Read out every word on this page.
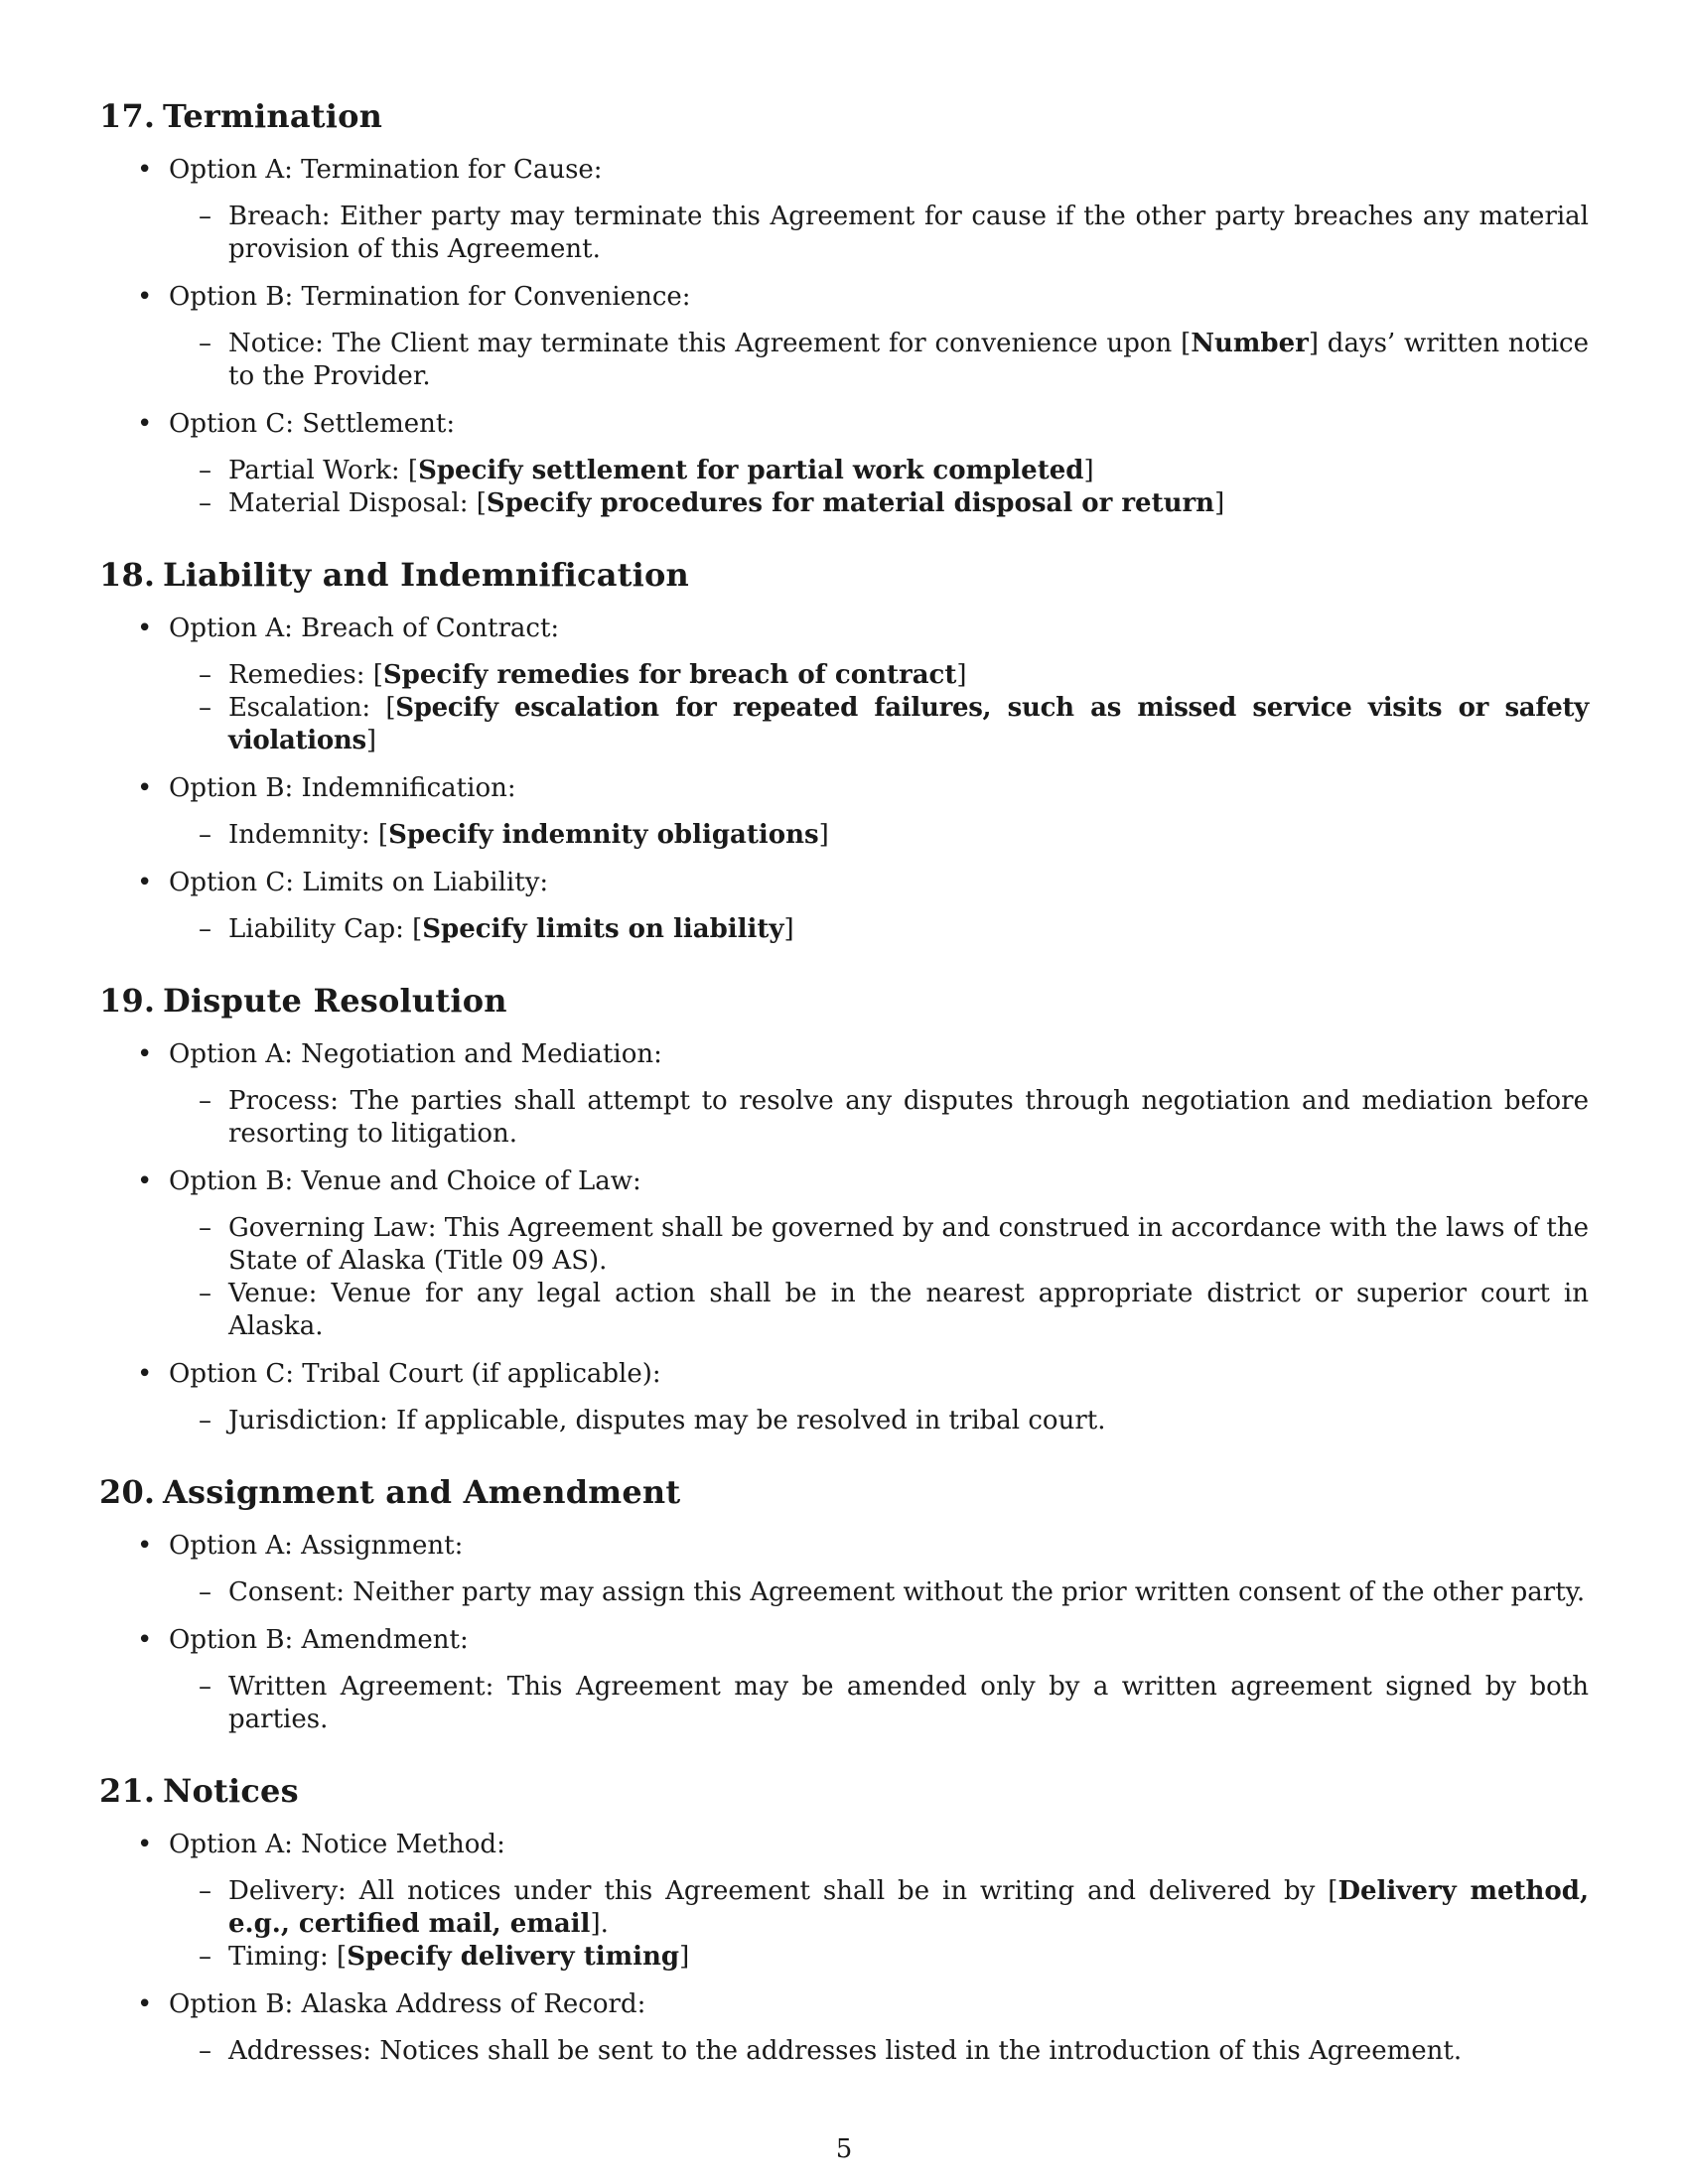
17. Termination
• Option A: Termination for Cause:

– Breach: Either party may terminate this Agreement for cause if the other party breaches any material provision of this Agreement.
• Option B: Termination for Convenience:

– Notice: The Client may terminate this Agreement for convenience upon [Number] days’ written notice to the Provider.
• Option C: Settlement:

– Partial Work: [Specify settlement for partial work completed]
– Material Disposal: [Specify procedures for material disposal or return]
18. Liability and Indemnification
• Option A: Breach of Contract:

– Remedies: [Specify remedies for breach of contract]
– Escalation: [Specify escalation for repeated failures, such as missed service visits or safety violations]
• Option B: Indemnification:

– Indemnity: [Specify indemnity obligations]
• Option C: Limits on Liability:

– Liability Cap: [Specify limits on liability]
19. Dispute Resolution
• Option A: Negotiation and Mediation:

– Process: The parties shall attempt to resolve any disputes through negotiation and mediation before resorting to litigation.
• Option B: Venue and Choice of Law:

– Governing Law: This Agreement shall be governed by and construed in accordance with the laws of the State of Alaska (Title 09 AS).
– Venue: Venue for any legal action shall be in the nearest appropriate district or superior court in Alaska.
• Option C: Tribal Court (if applicable):

– Jurisdiction: If applicable, disputes may be resolved in tribal court.
20. Assignment and Amendment
• Option A: Assignment:

– Consent: Neither party may assign this Agreement without the prior written consent of the other party.
• Option B: Amendment:

– Written Agreement: This Agreement may be amended only by a written agreement signed by both parties.
21. Notices
• Option A: Notice Method:

– Delivery: All notices under this Agreement shall be in writing and delivered by [Delivery method, e.g., certified mail, email].
– Timing: [Specify delivery timing]
• Option B: Alaska Address of Record:

– Addresses: Notices shall be sent to the addresses listed in the introduction of this Agreement.
5
